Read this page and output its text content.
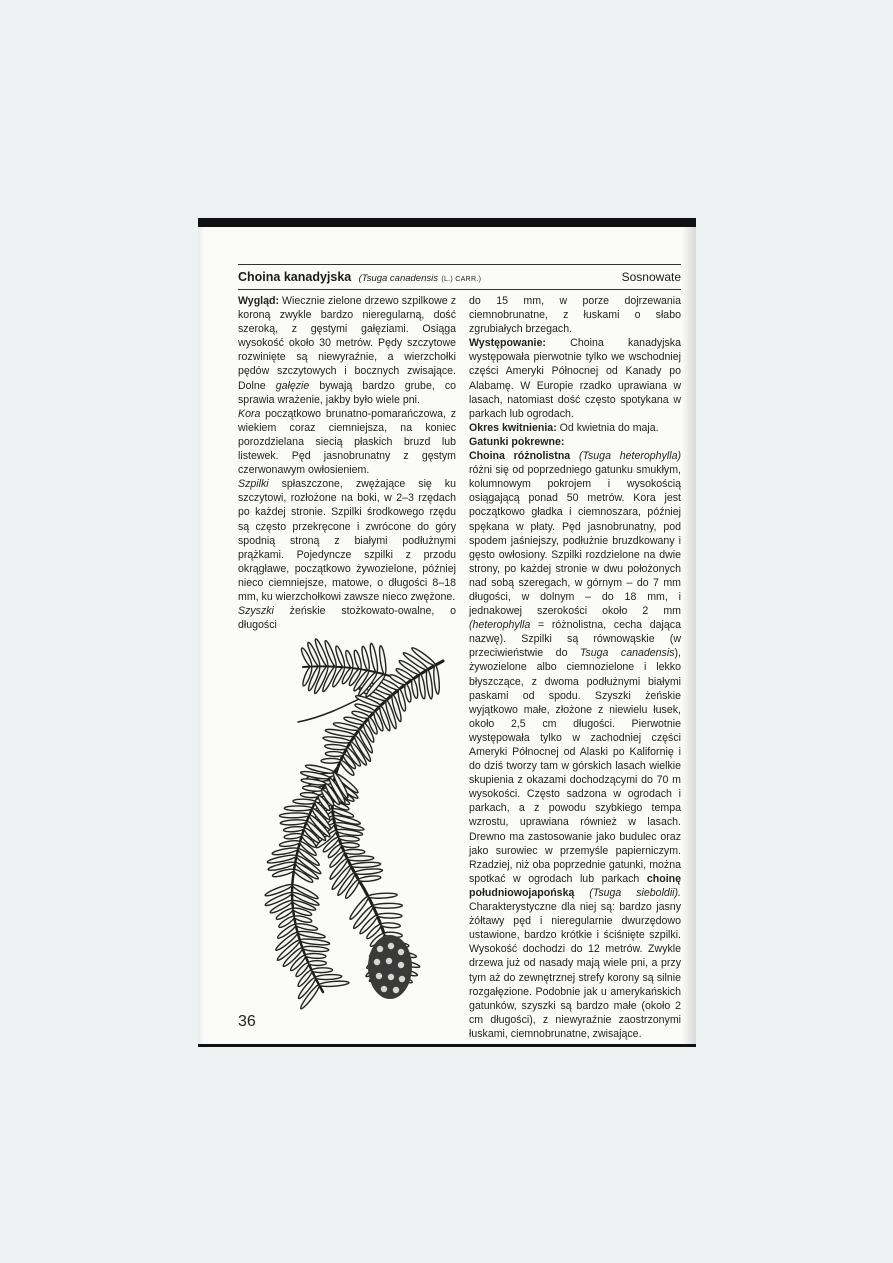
Choina kanadyjska (Tsuga canadensis (L.) CARR.)	Sosnowate

Wygląd: Wiecznie zielone drzewo szpilkowe z koroną zwykle bardzo nieregularną, dość szeroką, z gęstymi gałęziami. Osiąga wysokość około 30 metrów. Pędy szczytowe rozwinięte są niewyraźnie, a wierzchołki pędów szczytowych i bocznych zwisające. Dolne gałęzie bywają bardzo grube, co sprawia wrażenie, jakby było wiele pni.

Kora początkowo brunatno-pomarańczowa, z wiekiem coraz ciemniejsza, na koniec porozdzielana siecią płaskich bruzd lub listewek. Pęd jasnobrunatny z gęstym czerwonawym owłosieniem.

Szpilki spłaszczone, zwężające się ku szczytowi, rozłożone na boki, w 2–3 rzędach po każdej stronie. Szpilki środkowego rzędu są często przekręcone i zwrócone do góry spodnią stroną z białymi podłużnymi prążkami. Pojedyncze szpilki z przodu okrągławe, początkowo żywozielone, później nieco ciemniejsze, matowe, o długości 8–18 mm, ku wierzchołkowi zawsze nieco zwężone.

Szyszki żeńskie stożkowato-owalne, o długości

do 15 mm, w porze dojrzewania ciemnobrunatne, z łuskami o słabo zgrubiałych brzegach.

Występowanie: Choina kanadyjska występowała pierwotnie tylko we wschodniej części Ameryki Północnej od Kanady po Alabamę. W Europie rzadko uprawiana w lasach, natomiast dość często spotykana w parkach lub ogrodach.

Okres kwitnienia: Od kwietnia do maja.

Gatunki pokrewne:

Choina różnolistna (Tsuga heterophylla) różni się od poprzedniego gatunku smukłym, kolumnowym pokrojem i wysokością osiągającą ponad 50 metrów. Kora jest początkowo gładka i ciemnoszara, później spękana w płaty. Pęd jasnobrunatny, pod spodem jaśniejszy, podłużnie bruzdkowany i gęsto owłosiony. Szpilki rozdzielone na dwie strony, po każdej stronie w dwu położonych nad sobą szeregach, w górnym – do 7 mm długości, w dolnym – do 18 mm, i jednakowej szerokości około 2 mm (heterophylla = różnolistna, cecha dająca nazwę). Szpilki są równowąskie (w przeciwieństwie do Tsuga canadensis), żywozielone albo ciemnozielone i lekko błyszczące, z dwoma podłużnymi białymi paskami od spodu. Szyszki żeńskie wyjątkowo małe, złożone z niewielu łusek, około 2,5 cm długości. Pierwotnie występowała tylko w zachodniej części Ameryki Północnej od Alaski po Kalifornię i do dziś tworzy tam w górskich lasach wielkie skupienia z okazami dochodzącymi do 70 m wysokości. Często sadzona w ogrodach i parkach, a z powodu szybkiego tempa wzrostu, uprawiana również w lasach. Drewno ma zastosowanie jako budulec oraz jako surowiec w przemyśle papierniczym. Rzadziej, niż oba poprzednie gatunki, można spotkać w ogrodach lub parkach choinę południowojapońską (Tsuga sieboldii). Charakterystyczne dla niej są: bardzo jasny żółtawy pęd i nieregularnie dwurzędowo ustawione, bardzo krótkie i ściśnięte szpilki. Wysokość dochodzi do 12 metrów. Zwykle drzewa już od nasady mają wiele pni, a przy tym aż do zewnętrznej strefy korony są silnie rozgałęzione. Podobnie jak u amerykańskich gatunków, szyszki są bardzo małe (około 2 cm długości), z niewyraźnie zaostrzonymi łuskami, ciemnobrunatne, zwisające.

36
